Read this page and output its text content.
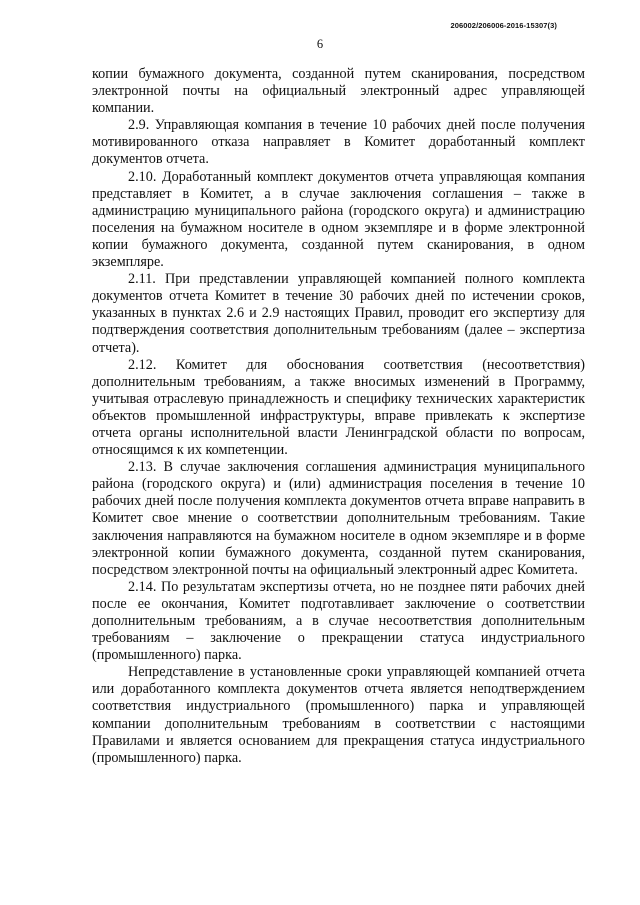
206002/206006-2016-15307(3)
6

копии бумажного документа, созданной путем сканирования, посредством электронной почты на официальный электронный адрес управляющей компании.

2.9. Управляющая компания в течение 10 рабочих дней после получения мотивированного отказа направляет в Комитет доработанный комплект документов отчета.

2.10. Доработанный комплект документов отчета управляющая компания представляет в Комитет, а в случае заключения соглашения – также в администрацию муниципального района (городского округа) и администрацию поселения на бумажном носителе в одном экземпляре и в форме электронной копии бумажного документа, созданной путем сканирования, в одном экземпляре.

2.11. При представлении управляющей компанией полного комплекта документов отчета Комитет в течение 30 рабочих дней по истечении сроков, указанных в пунктах 2.6 и 2.9 настоящих Правил, проводит его экспертизу для подтверждения соответствия дополнительным требованиям (далее – экспертиза отчета).

2.12. Комитет для обоснования соответствия (несоответствия) дополнительным требованиям, а также вносимых изменений в Программу, учитывая отраслевую принадлежность и специфику технических характеристик объектов промышленной инфраструктуры, вправе привлекать к экспертизе отчета органы исполнительной власти Ленинградской области по вопросам, относящимся к их компетенции.

2.13. В случае заключения соглашения администрация муниципального района (городского округа) и (или) администрация поселения в течение 10 рабочих дней после получения комплекта документов отчета вправе направить в Комитет свое мнение о соответствии дополнительным требованиям. Такие заключения направляются на бумажном носителе в одном экземпляре и в форме электронной копии бумажного документа, созданной путем сканирования, посредством электронной почты на официальный электронный адрес Комитета.

2.14. По результатам экспертизы отчета, но не позднее пяти рабочих дней после ее окончания, Комитет подготавливает заключение о соответствии дополнительным требованиям, а в случае несоответствия дополнительным требованиям – заключение о прекращении статуса индустриального (промышленного) парка.

Непредставление в установленные сроки управляющей компанией отчета или доработанного комплекта документов отчета является неподтверждением соответствия индустриального (промышленного) парка и управляющей компании дополнительным требованиям в соответствии с настоящими Правилами и является основанием для прекращения статуса индустриального (промышленного) парка.
